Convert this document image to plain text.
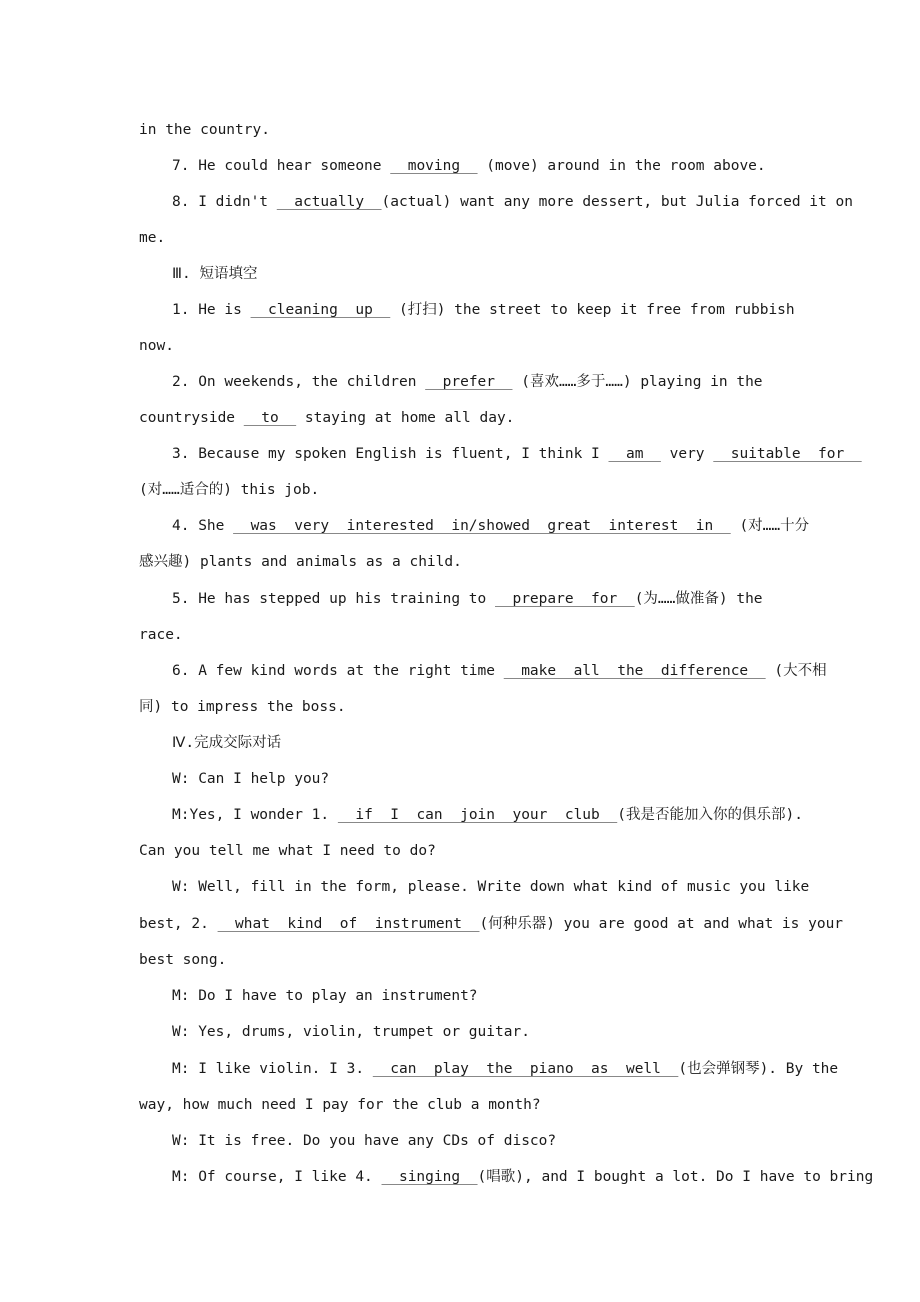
in the country.
7. He could hear someone   moving   (move) around in the room above.
8. I didn't   actually  (actual) want any more dessert, but Julia forced it on
me.
Ⅲ. 短语填空
1. He is   cleaning  up   (打扫) the street to keep it free from rubbish
now.
2. On weekends, the children   prefer   (喜欢……多于……) playing in the
countryside   to   staying at home all day.
3. Because my spoken English is fluent, I think I   am   very   suitable  for
(对……适合的) this job.
4. She   was  very  interested  in/showed  great  interest  in   (对……十分
感兴趣) plants and animals as a child.
5. He has stepped up his training to   prepare  for  (为……做准备) the
race.
6. A few kind words at the right time   make  all  the  difference   (大不相
同) to impress the boss.
Ⅳ.完成交际对话
W: Can I help you?
M:Yes, I wonder 1.   if  I  can  join  your  club  (我是否能加入你的俱乐部).
Can you tell me what I need to do?
W: Well, fill in the form, please. Write down what kind of music you like
best, 2.   what  kind  of  instrument  (何种乐器) you are good at and what is your
best song.
M: Do I have to play an instrument?
W: Yes, drums, violin, trumpet or guitar.
M: I like violin. I 3.   can  play  the  piano  as  well  (也会弹钢琴). By the
way, how much need I pay for the club a month?
W: It is free. Do you have any CDs of disco?
M: Of course, I like 4.   singing  (唱歌), and I bought a lot. Do I have to bring
